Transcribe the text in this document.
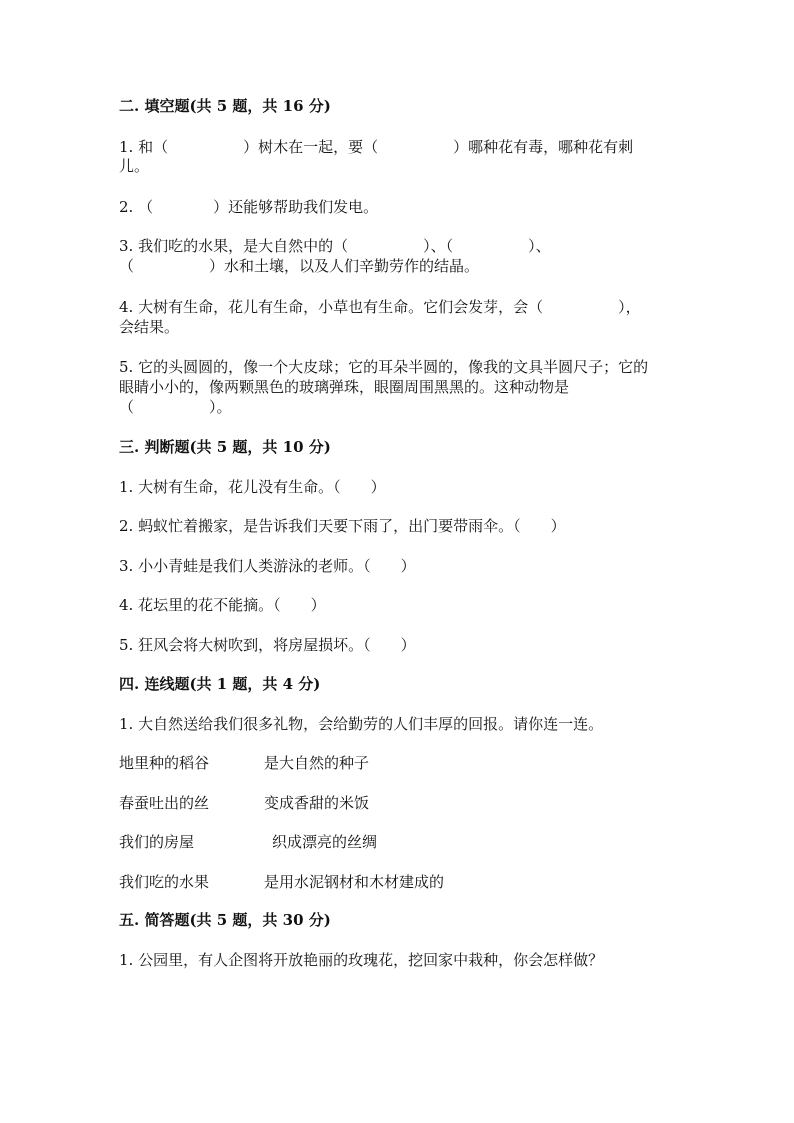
二. 填空题(共 5 题，共 16 分)
1. 和（　　　　　）树木在一起，要（　　　　　）哪种花有毒，哪种花有刺
儿。
2. （　　　　）还能够帮助我们发电。
3. 我们吃的水果，是大自然中的（　　　　　）、（　　　　　）、
（　　　　　）水和土壤，以及人们辛勤劳作的结晶。
4. 大树有生命，花儿有生命，小草也有生命。它们会发芽，会（　　　　　），
会结果。
5. 它的头圆圆的，像一个大皮球；它的耳朵半圆的，像我的文具半圆尺子；它的
眼睛小小的，像两颗黑色的玻璃弹珠，眼圈周围黑黑的。这种动物是
（　　　　　）。
三. 判断题(共 5 题，共 10 分)
1. 大树有生命，花儿没有生命。（　　）
2. 蚂蚁忙着搬家，是告诉我们天要下雨了，出门要带雨伞。（　　）
3. 小小青蛙是我们人类游泳的老师。（　　）
4. 花坛里的花不能摘。（　　）
5. 狂风会将大树吹到，将房屋损坏。（　　）
四. 连线题(共 1 题，共 4 分)
1. 大自然送给我们很多礼物，会给勤劳的人们丰厚的回报。请你连一连。
地里种的稻谷	是大自然的种子
春蚕吐出的丝	变成香甜的米饭
我们的房屋	织成漂亮的丝绸
我们吃的水果	是用水泥钢材和木材建成的
五. 简答题(共 5 题，共 30 分)
1. 公园里，有人企图将开放艳丽的玫瑰花，挖回家中栽种，你会怎样做？
